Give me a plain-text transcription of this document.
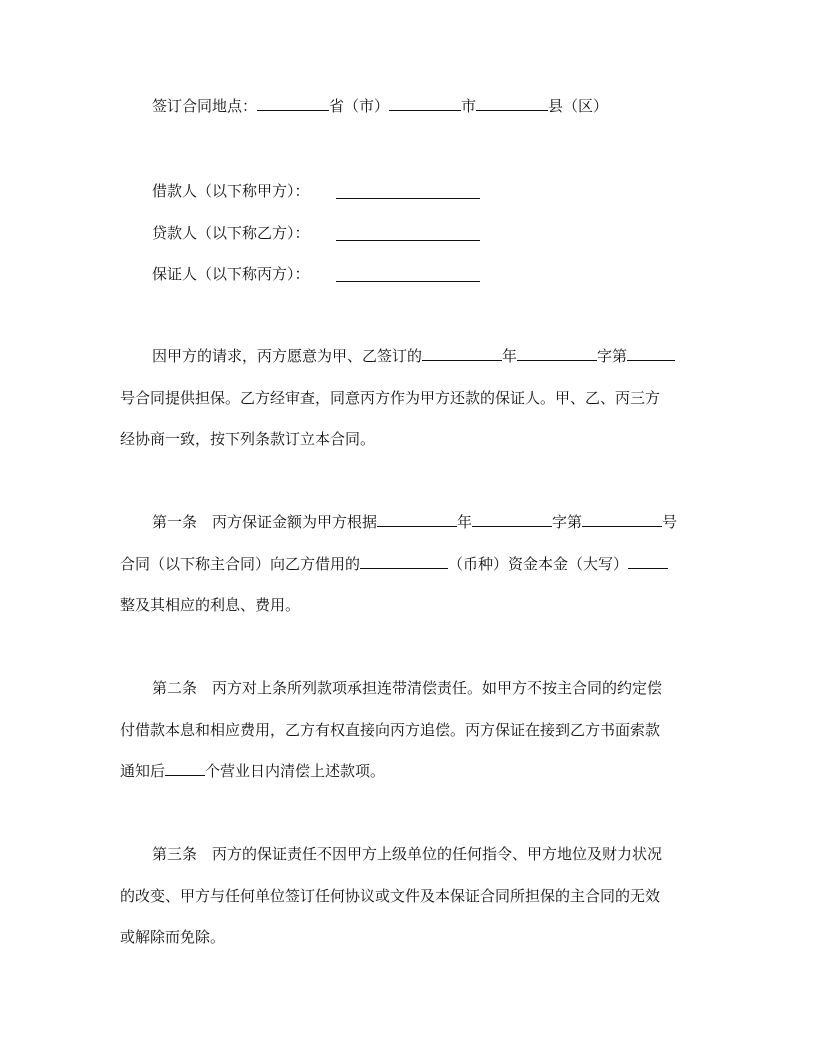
签订合同地点：	省（市）	市	县（区）
借款人（以下称甲方）：
贷款人（以下称乙方）：
保证人（以下称丙方）：
因甲方的请求，丙方愿意为甲、乙签订的	年	字第
号合同提供担保。乙方经审查，同意丙方作为甲方还款的保证人。甲、乙、丙三方
经协商一致，按下列条款订立本合同。
第一条　丙方保证金额为甲方根据	年	字第	号
合同（以下称主合同）向乙方借用的	（币种）资金本金（大写）
整及其相应的利息、费用。
第二条　丙方对上条所列款项承担连带清偿责任。如甲方不按主合同的约定偿
付借款本息和相应费用，乙方有权直接向丙方追偿。丙方保证在接到乙方书面索款
通知后	个营业日内清偿上述款项。
第三条　丙方的保证责任不因甲方上级单位的任何指令、甲方地位及财力状况
的改变、甲方与任何单位签订任何协议或文件及本保证合同所担保的主合同的无效
或解除而免除。
